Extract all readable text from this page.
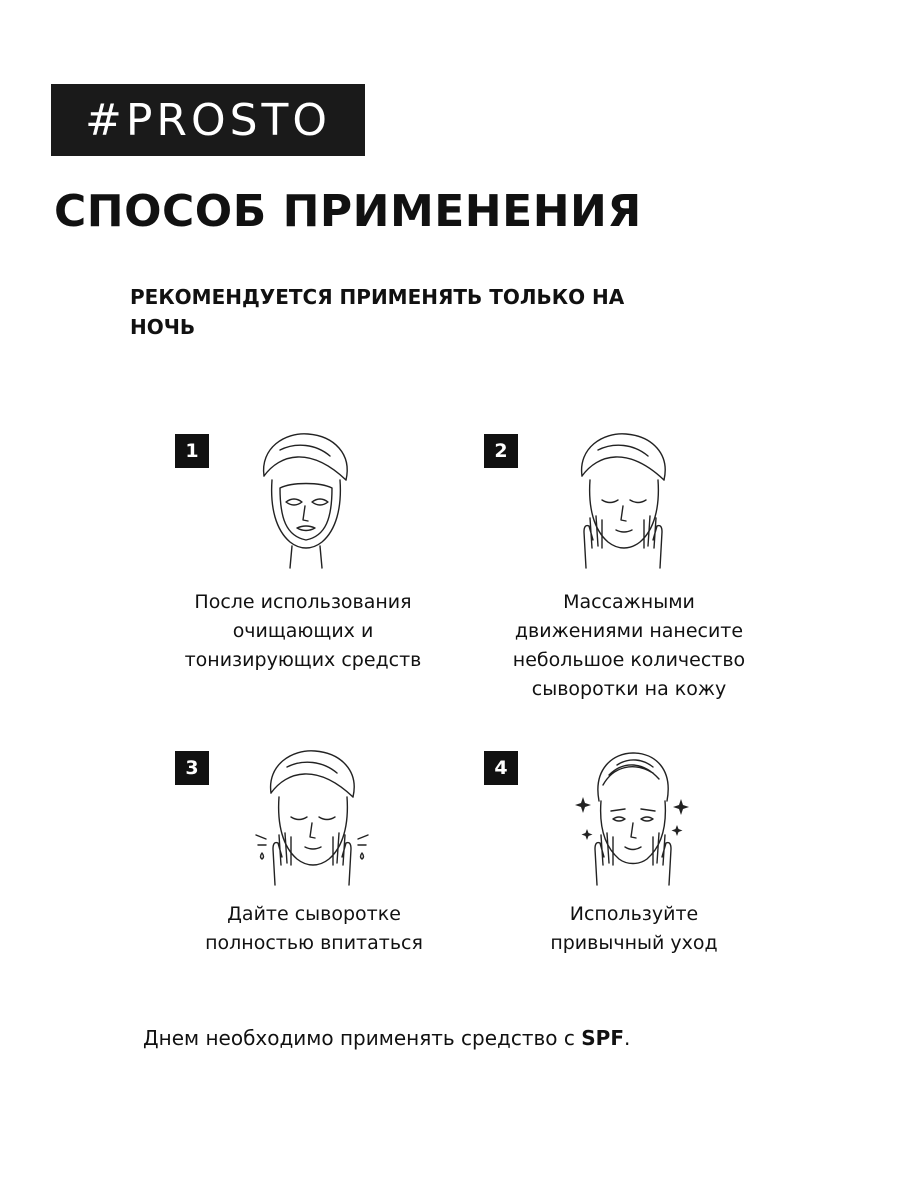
#PROSTO
СПОСОБ ПРИМЕНЕНИЯ
РЕКОМЕНДУЕТСЯ ПРИМЕНЯТЬ ТОЛЬКО НА
НОЧЬ
1
После использования
очищающих и
тонизирующих средств
2
Массажными
движениями нанесите
небольшое количество
сыворотки на кожу
3
Дайте сыворотке
полностью впитаться
4
Используйте
привычный уход
Днем необходимо применять средство с SPF.
